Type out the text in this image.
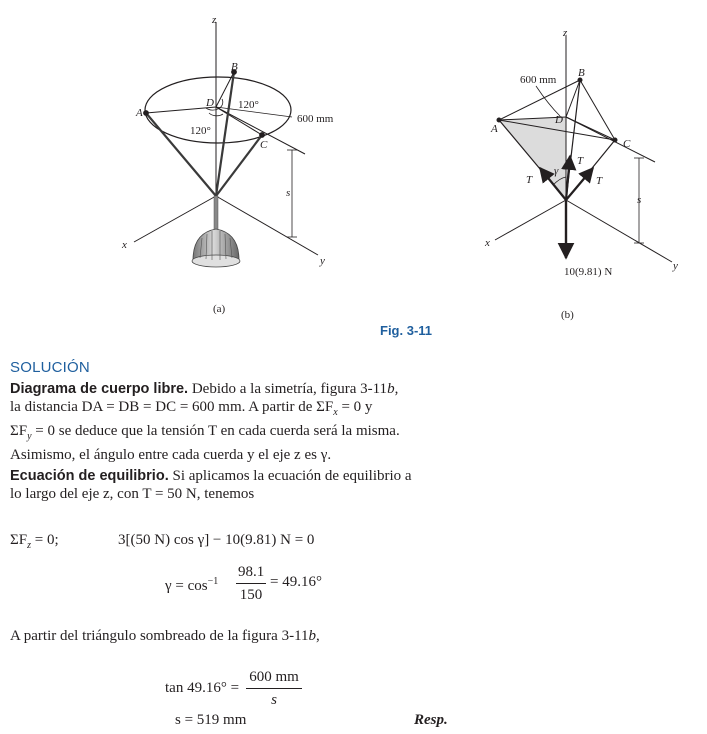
z
x
y
B
A
D
C
120°
120°
600 mm
s
(a)
z
x
y
600 mm
B
A
D
C
γ
T
T
T
s
10(9.81) N
(b)
Fig. 3-11
SOLUCIÓN
Diagrama de cuerpo libre. Debido a la simetría, figura 3-11b,
la distancia DA = DB = DC = 600 mm. A partir de $\Sigma F_x = 0$ y
$\Sigma F_y = 0$ se deduce que la tensión T en cada cuerda será la misma.
Asimismo, el ángulo entre cada cuerda y el eje z es γ.
Ecuación de equilibrio. Si aplicamos la ecuación de equilibrio a
lo largo del eje z, con T = 50 N, tenemos
$\Sigma F_z = 0$;	3[(50 N) cos γ] − 10(9.81) N = 0
$\gamma = \cos^{-1} \frac{98.1}{150} = 49.16^\circ$
A partir del triángulo sombreado de la figura 3-11b,
$\tan 49.16^\circ = \frac{600 mm}{s}$
s = 519 mm	Resp.
